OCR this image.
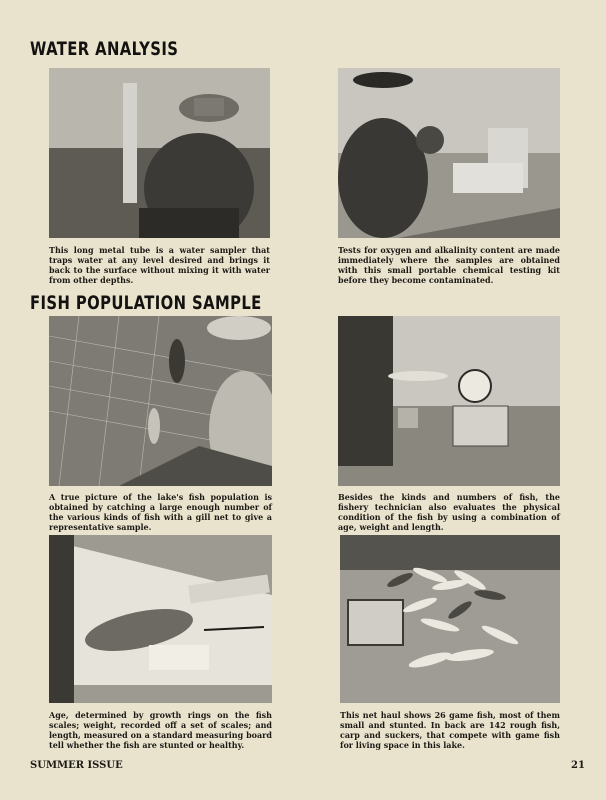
WATER ANALYSIS

This long metal tube is a water sampler that traps water at any level desired and brings it back to the surface without mixing it with water from other depths.

Tests for oxygen and alkalinity content are made immediately where the samples are obtained with this small portable chemical testing kit before they become contaminated.

FISH POPULATION SAMPLE

A true picture of the lake's fish population is obtained by catching a large enough number of the various kinds of fish with a gill net to give a representative sample.

Besides the kinds and numbers of fish, the fishery technician also evaluates the physical condition of the fish by using a combination of age, weight and length.

Age, determined by growth rings on the fish scales; weight, recorded off a set of scales; and length, measured on a standard measuring board tell whether the fish are stunted or healthy.

This net haul shows 26 game fish, most of them small and stunted. In back are 142 rough fish, carp and suckers, that compete with game fish for living space in this lake.

SUMMER ISSUE	21
